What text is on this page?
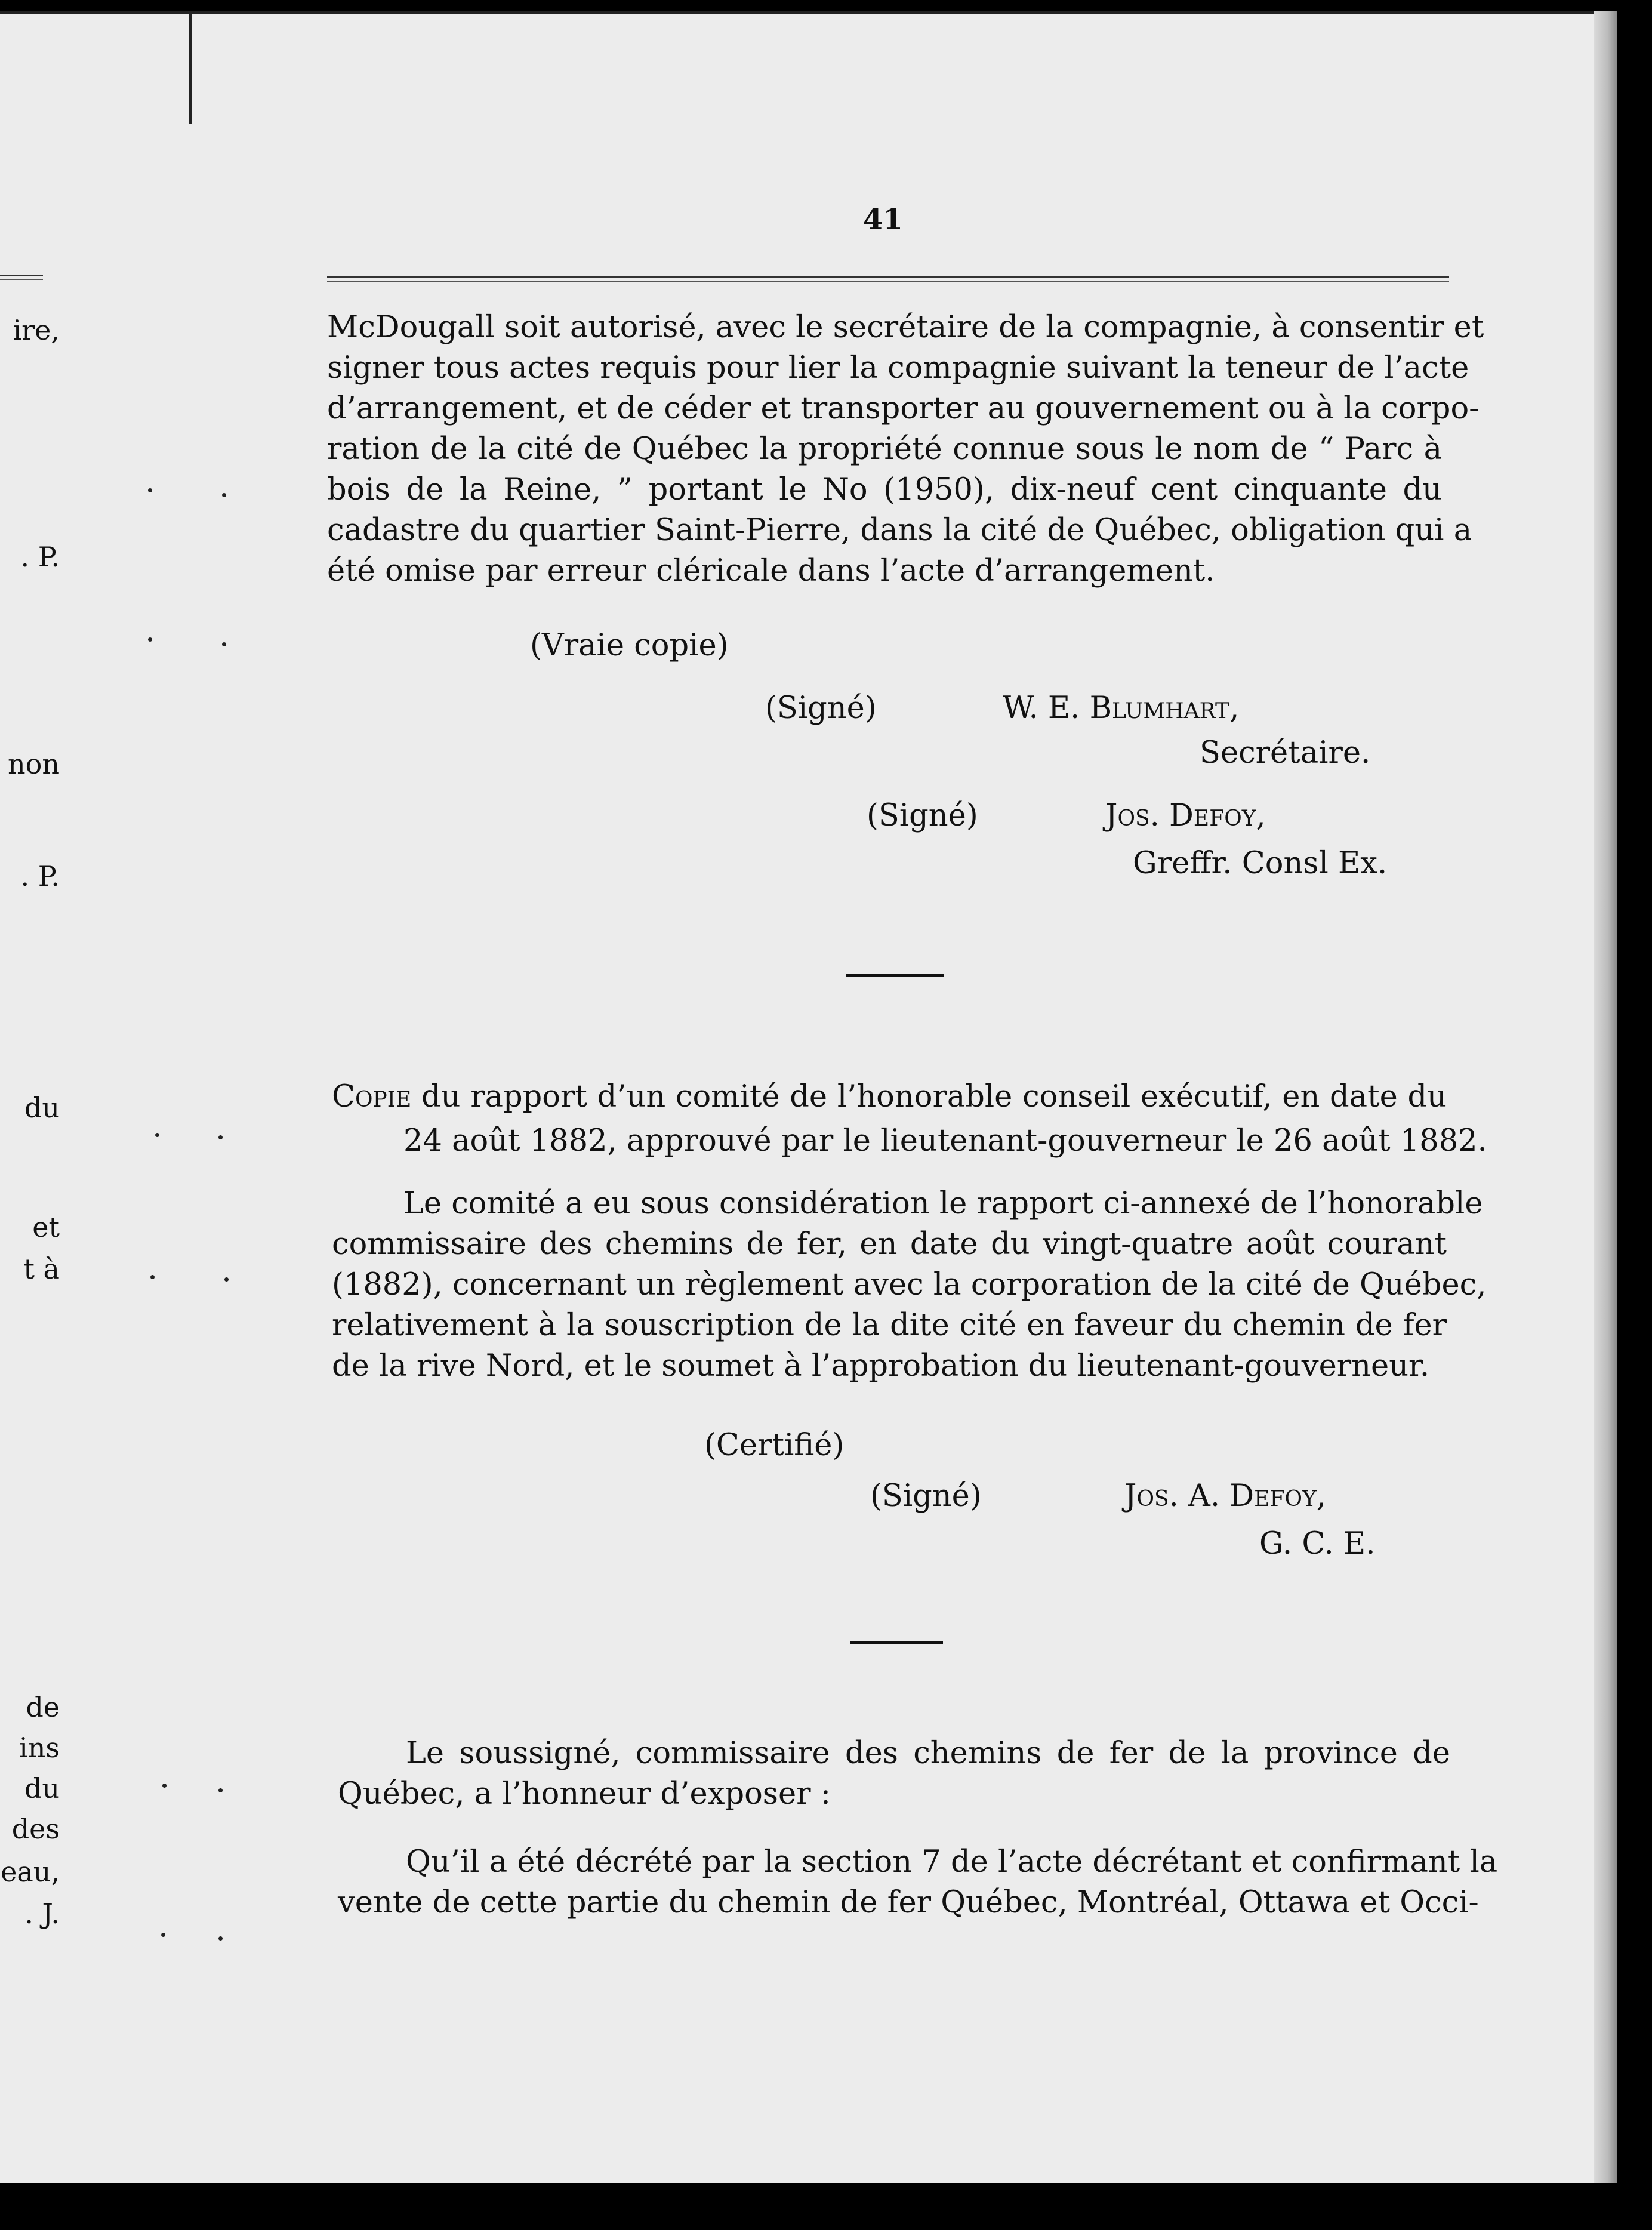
ire,
. P.
non
. P.
du
et
t à
de
ins
du
des
eau,
. J.
41
McDougall soit autorisé, avec le secrétaire de la compagnie, à consentir et
signer tous actes requis pour lier la compagnie suivant la teneur de l’acte
d’arrangement, et de céder et transporter au gouvernement ou à la corpo-
ration de la cité de Québec la propriété connue sous le nom de “ Parc à
bois de la Reine, ” portant le No (1950), dix-neuf cent cinquante du
cadastre du quartier Saint-Pierre, dans la cité de Québec, obligation qui a
été omise par erreur cléricale dans l’acte d’arrangement.
(Vraie copie)
(Signé)	W. E. Blumhart,
Secrétaire.
(Signé)	Jos. Defoy,
Greffr. Consl Ex.
Copie du rapport d’un comité de l’honorable conseil exécutif, en date du
24 août 1882, approuvé par le lieutenant-gouverneur le 26 août 1882.
Le comité a eu sous considération le rapport ci-annexé de l’honorable
commissaire des chemins de fer, en date du vingt-quatre août courant
(1882), concernant un règlement avec la corporation de la cité de Québec,
relativement à la souscription de la dite cité en faveur du chemin de fer
de la rive Nord, et le soumet à l’approbation du lieutenant-gouverneur.
(Certifié)
(Signé)	Jos. A. Defoy,
G. C. E.
Le soussigné, commissaire des chemins de fer de la province de
Québec, a l’honneur d’exposer :
Qu’il a été décrété par la section 7 de l’acte décrétant et confirmant la
vente de cette partie du chemin de fer Québec, Montréal, Ottawa et Occi-
